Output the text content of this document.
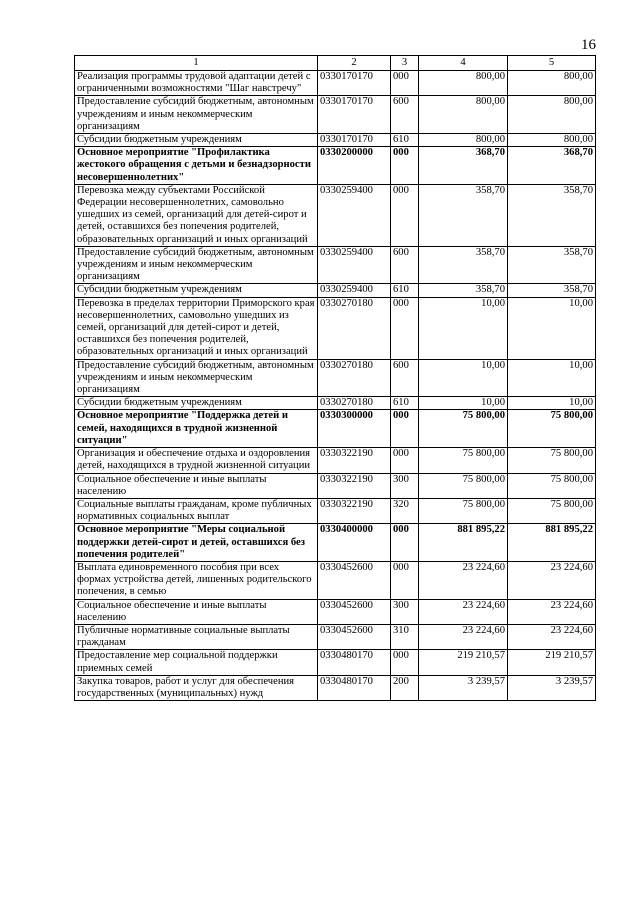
16
1	2	3	4	5
Реализация программы трудовой адаптации детей с ограниченными возможностями "Шаг навстречу"	0330170170	000	800,00	800,00
Предоставление субсидий бюджетным, автономным учреждениям и иным некоммерческим организациям	0330170170	600	800,00	800,00
Субсидии бюджетным учреждениям	0330170170	610	800,00	800,00
Основное мероприятие "Профилактика жестокого обращения с детьми и безнадзорности несовершеннолетних"	0330200000	000	368,70	368,70
Перевозка между субъектами Российской Федерации несовершеннолетних, самовольно ушедших из семей, организаций для детей-сирот и детей, оставшихся без попечения родителей, образовательных организаций и иных организаций	0330259400	000	358,70	358,70
Предоставление субсидий бюджетным, автономным учреждениям и иным некоммерческим организациям	0330259400	600	358,70	358,70
Субсидии бюджетным учреждениям	0330259400	610	358,70	358,70
Перевозка в пределах территории Приморского края несовершеннолетних, самовольно ушедших из семей, организаций для детей-сирот и детей, оставшихся без попечения родителей, образовательных организаций и иных организаций	0330270180	000	10,00	10,00
Предоставление субсидий бюджетным, автономным учреждениям и иным некоммерческим организациям	0330270180	600	10,00	10,00
Субсидии бюджетным учреждениям	0330270180	610	10,00	10,00
Основное мероприятие "Поддержка детей и семей, находящихся в трудной жизненной ситуации"	0330300000	000	75 800,00	75 800,00
Организация и обеспечение отдыха и оздоровления детей, находящихся в трудной жизненной ситуации	0330322190	000	75 800,00	75 800,00
Социальное обеспечение и иные выплаты населению	0330322190	300	75 800,00	75 800,00
Социальные выплаты гражданам, кроме публичных нормативных социальных выплат	0330322190	320	75 800,00	75 800,00
Основное мероприятие "Меры социальной поддержки детей-сирот и детей, оставшихся без попечения родителей"	0330400000	000	881 895,22	881 895,22
Выплата единовременного пособия при всех формах устройства детей, лишенных родительского попечения, в семью	0330452600	000	23 224,60	23 224,60
Социальное обеспечение и иные выплаты населению	0330452600	300	23 224,60	23 224,60
Публичные нормативные социальные выплаты гражданам	0330452600	310	23 224,60	23 224,60
Предоставление мер социальной поддержки приемных семей	0330480170	000	219 210,57	219 210,57
Закупка товаров, работ и услуг для обеспечения государственных (муниципальных) нужд	0330480170	200	3 239,57	3 239,57
